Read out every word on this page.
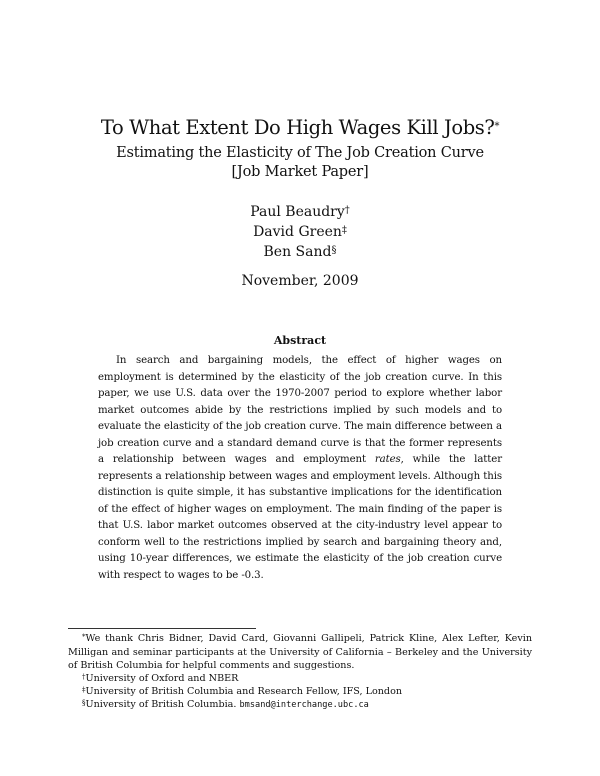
To What Extent Do High Wages Kill Jobs?*
Estimating the Elasticity of The Job Creation Curve
[Job Market Paper]
Paul Beaudry†
David Green‡
Ben Sand§
November, 2009
Abstract
In search and bargaining models, the effect of higher wages on employment is determined by the elasticity of the job creation curve. In this paper, we use U.S. data over the 1970-2007 period to explore whether labor market outcomes abide by the restrictions implied by such models and to evaluate the elasticity of the job creation curve. The main difference between a job creation curve and a standard demand curve is that the former represents a relationship between wages and employment rates, while the latter represents a relationship between wages and employment levels. Although this distinction is quite simple, it has substantive implications for the identification of the effect of higher wages on employment. The main finding of the paper is that U.S. labor market outcomes observed at the city-industry level appear to conform well to the restrictions implied by search and bargaining theory and, using 10-year differences, we estimate the elasticity of the job creation curve with respect to wages to be -0.3.
*We thank Chris Bidner, David Card, Giovanni Gallipeli, Patrick Kline, Alex Lefter, Kevin Milligan and seminar participants at the University of California – Berkeley and the University of British Columbia for helpful comments and suggestions.
†University of Oxford and NBER
‡University of British Columbia and Research Fellow, IFS, London
§University of British Columbia. bmsand@interchange.ubc.ca
